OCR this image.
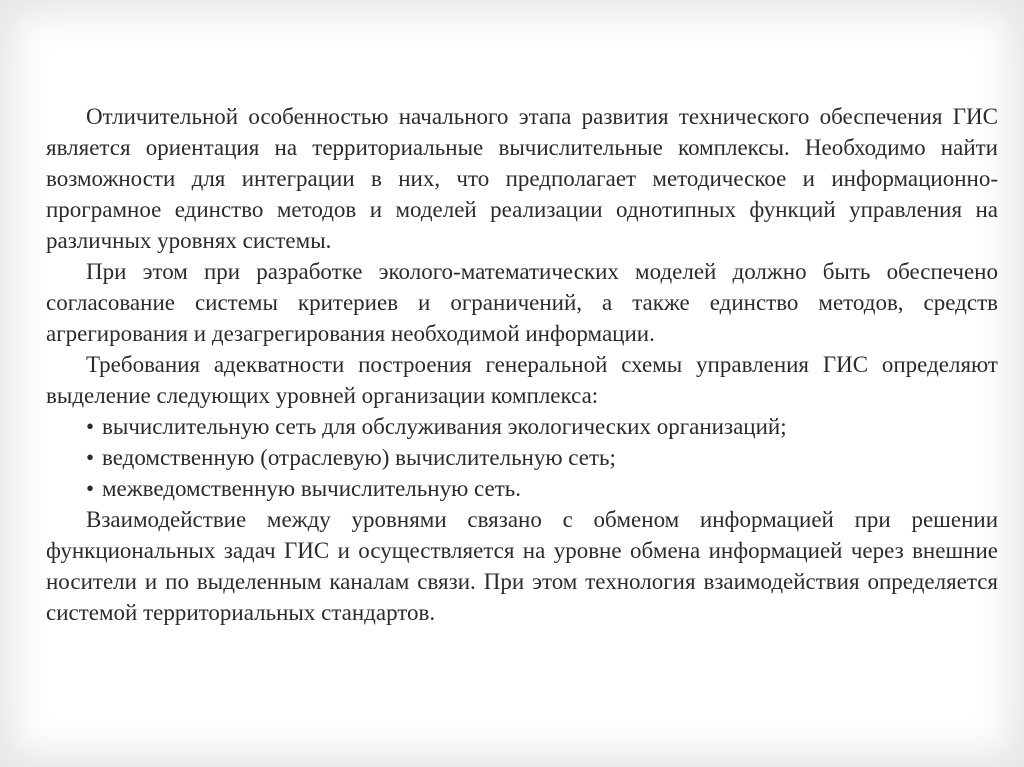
Отличительной особенностью начального этапа развития технического обеспечения ГИС является ориентация на территориальные вычислительные комплексы. Необходимо найти возможности для интеграции в них, что предполагает методическое и информационно-програмное единство методов и моделей реализации однотипных функций управления на различных уровнях системы.

При этом при разработке эколого-математических моделей должно быть обеспечено согласование системы критериев и ограничений, а также единство методов, средств агрегирования и дезагрегирования необходимой информации.

Требования адекватности построения генеральной схемы управления ГИС определяют выделение следующих уровней организации комплекса:

• вычислительную сеть для обслуживания экологических организаций;
• ведомственную (отраслевую) вычислительную сеть;
• межведомственную вычислительную сеть.

Взаимодействие между уровнями связано с обменом информацией при решении функциональных задач ГИС и осуществляется на уровне обмена информацией через внешние носители и по выделенным каналам связи. При этом технология взаимодействия определяется системой территориальных стандартов.
